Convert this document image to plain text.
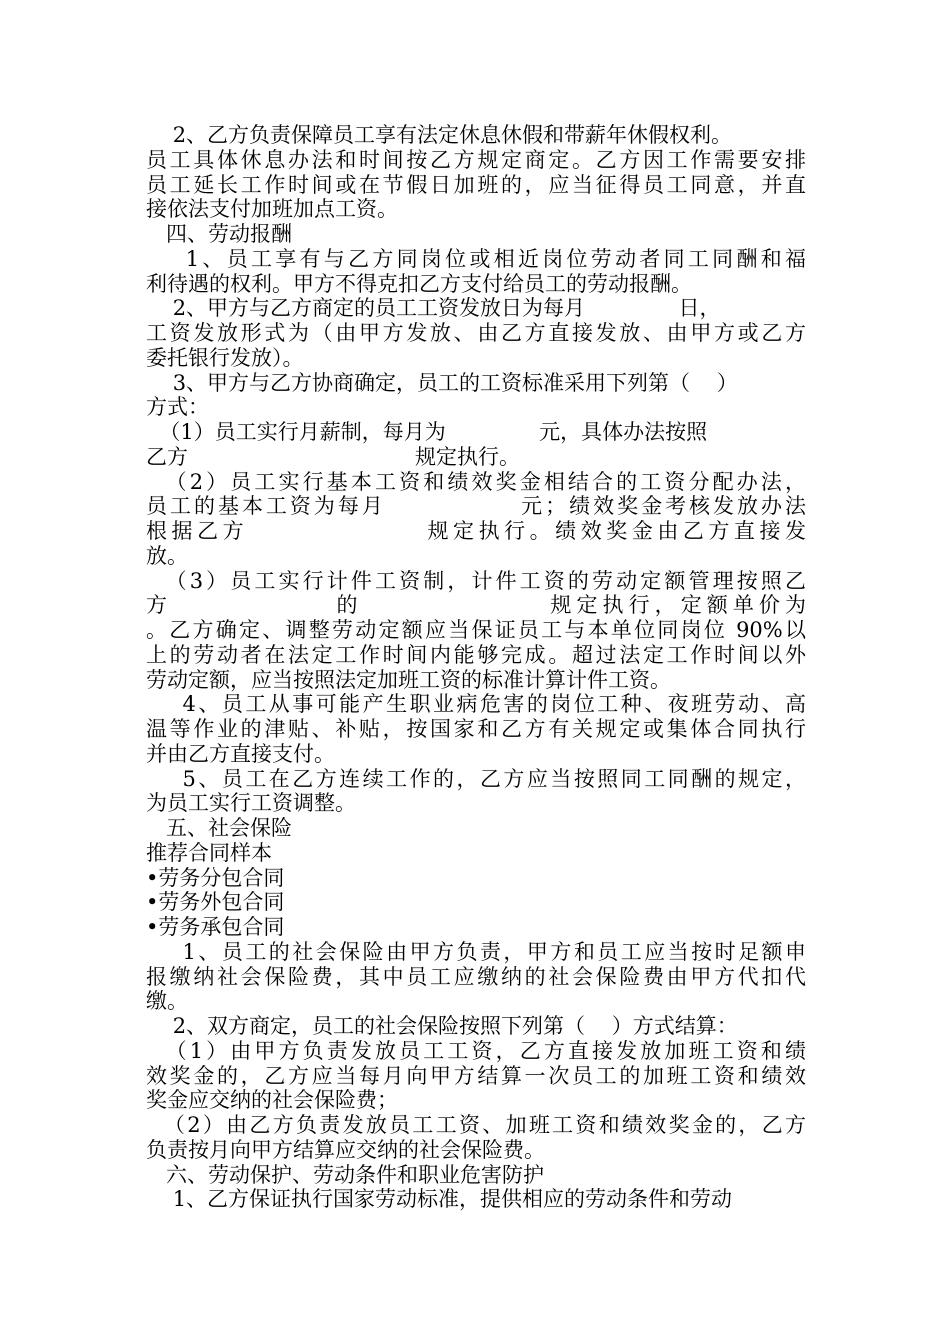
2、乙方负责保障员工享有法定休息休假和带薪年休假权利。
员工具体休息办法和时间按乙方规定商定。乙方因工作需要安排
员工延长工作时间或在节假日加班的，应当征得员工同意，并直
接依法支付加班加点工资。
四、劳动报酬
1、员工享有与乙方同岗位或相近岗位劳动者同工同酬和福
利待遇的权利。甲方不得克扣乙方支付给员工的劳动报酬。
2、甲方与乙方商定的员工工资发放日为每月              日，
工资发放形式为（由甲方发放、由乙方直接发放、由甲方或乙方
委托银行发放）。
3、甲方与乙方协商确定，员工的工资标准采用下列第（    ）
方式：
（1）员工实行月薪制，每月为              元，具体办法按照
乙方                                  规定执行。
（2）员工实行基本工资和绩效奖金相结合的工资分配办法，
员工的基本工资为每月              元；绩效奖金考核发放办法
根据乙方                规定执行。绩效奖金由乙方直接发
放。
（3）员工实行计件工资制，计件工资的劳动定额管理按照乙
方              的                规定执行，定额单价为
。乙方确定、调整劳动定额应当保证员工与本单位同岗位 90%以
上的劳动者在法定工作时间内能够完成。超过法定工作时间以外
劳动定额，应当按照法定加班工资的标准计算计件工资。
4、员工从事可能产生职业病危害的岗位工种、夜班劳动、高
温等作业的津贴、补贴，按国家和乙方有关规定或集体合同执行
并由乙方直接支付。
5、员工在乙方连续工作的，乙方应当按照同工同酬的规定，
为员工实行工资调整。
五、社会保险
推荐合同样本
•劳务分包合同
•劳务外包合同
•劳务承包合同
1、员工的社会保险由甲方负责，甲方和员工应当按时足额申
报缴纳社会保险费，其中员工应缴纳的社会保险费由甲方代扣代
缴。
2、双方商定，员工的社会保险按照下列第（    ）方式结算：
（1）由甲方负责发放员工工资，乙方直接发放加班工资和绩
效奖金的，乙方应当每月向甲方结算一次员工的加班工资和绩效
奖金应交纳的社会保险费；
（2）由乙方负责发放员工工资、加班工资和绩效奖金的，乙方
负责按月向甲方结算应交纳的社会保险费。
六、劳动保护、劳动条件和职业危害防护
1、乙方保证执行国家劳动标准，提供相应的劳动条件和劳动
